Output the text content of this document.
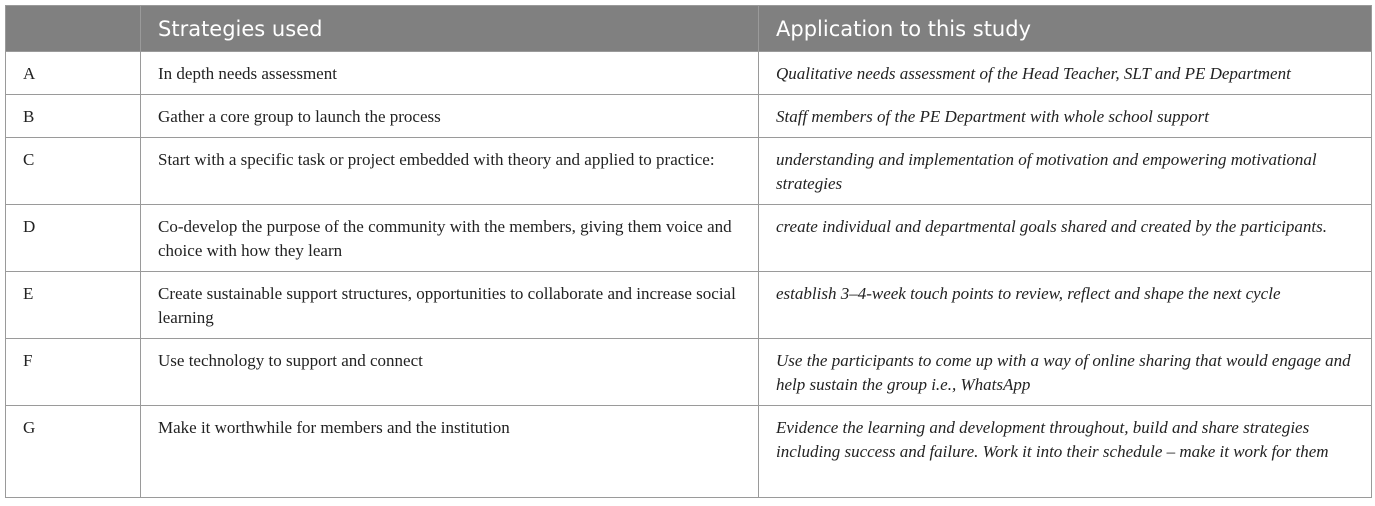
	Strategies used	Application to this study
A	In depth needs assessment	Qualitative needs assessment of the Head Teacher, SLT and PE Department
B	Gather a core group to launch the process	Staff members of the PE Department with whole school support
C	Start with a specific task or project embedded with theory and applied to practice:	understanding and implementation of motivation and empowering motivational strategies
D	Co-develop the purpose of the community with the members, giving them voice and choice with how they learn	create individual and departmental goals shared and created by the participants.
E	Create sustainable support structures, opportunities to collaborate and increase social learning	establish 3–4-week touch points to review, reflect and shape the next cycle
F	Use technology to support and connect	Use the participants to come up with a way of online sharing that would engage and help sustain the group i.e., WhatsApp
G	Make it worthwhile for members and the institution	Evidence the learning and development throughout, build and share strategies including success and failure. Work it into their schedule – make it work for them
